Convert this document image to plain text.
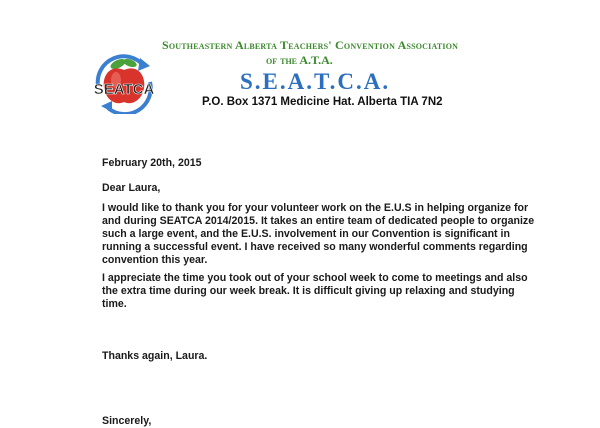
SEATCA
Southeastern Alberta Teachers' Convention Association
of the A.T.A.
S.E.A.T.C.A.
P.O. Box 1371 Medicine Hat. Alberta TIA 7N2
February 20th, 2015
Dear Laura,
I would like to thank you for your volunteer work on the E.U.S in helping organize for and during SEATCA 2014/2015. It takes an entire team of dedicated people to organize such a large event, and the E.U.S. involvement in our Convention is significant in running a successful event. I have received so many wonderful comments regarding convention this year.
I appreciate the time you took out of your school week to come to meetings and also the extra time during our week break. It is difficult giving up relaxing and studying time.
Thanks again, Laura.
Sincerely,
